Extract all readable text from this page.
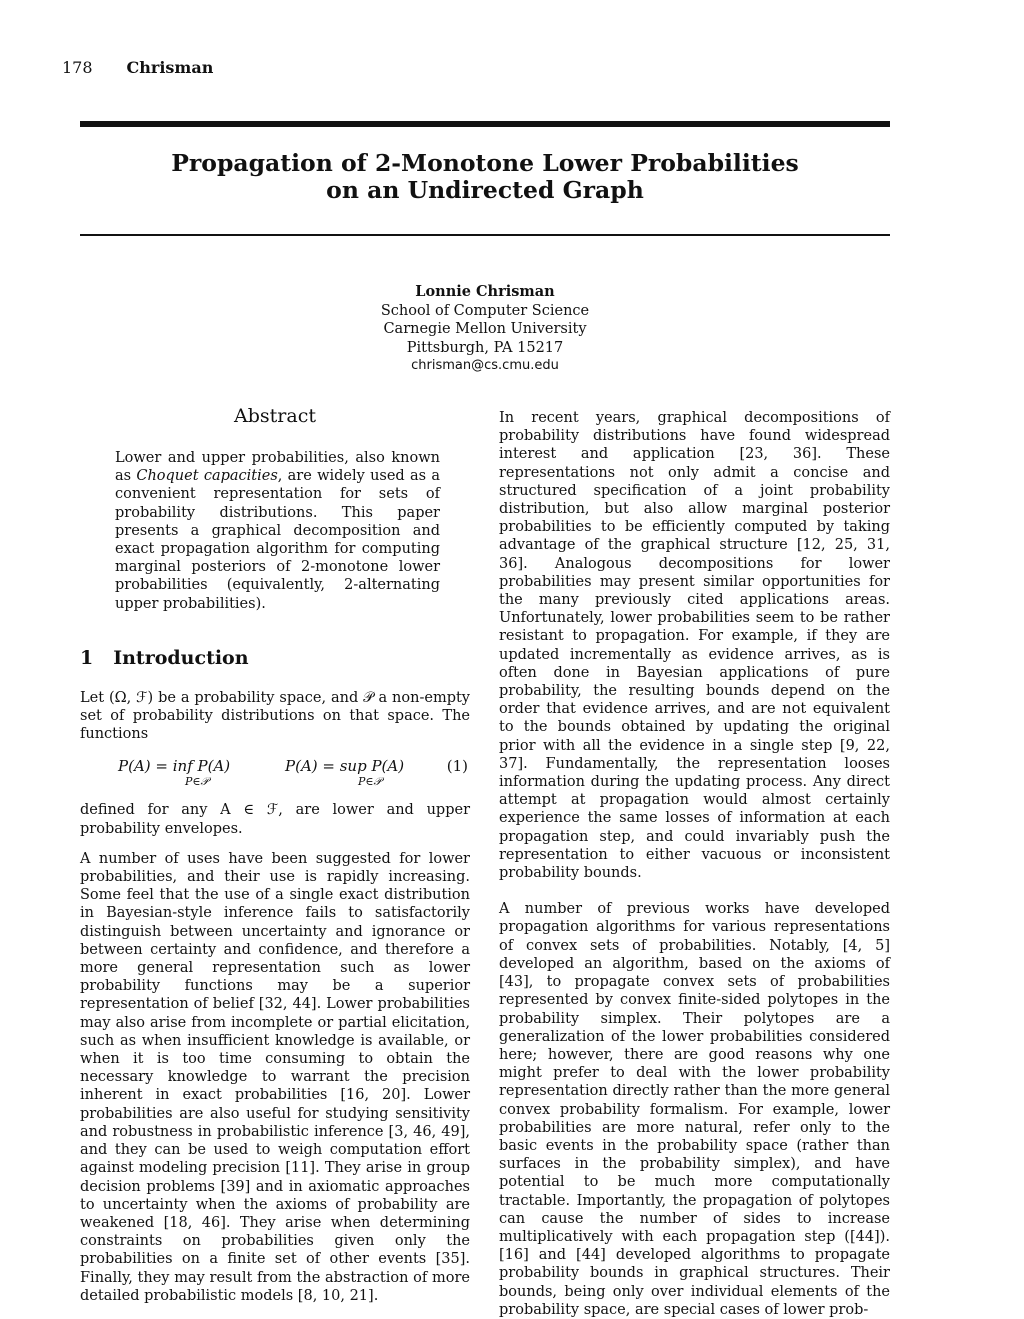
178 Chrisman
Propagation of 2-Monotone Lower Probabilities
on an Undirected Graph
Lonnie Chrisman
School of Computer Science
Carnegie Mellon University
Pittsburgh, PA 15217
chrisman@cs.cmu.edu
Abstract

Lower and upper probabilities, also known as Choquet capacities, are widely used as a convenient representation for sets of probability distributions. This paper presents a graphical decomposition and exact propagation algorithm for computing marginal posteriors of 2-monotone lower probabilities (equivalently, 2-alternating upper probabilities).

1 Introduction

Let (Ω, ℱ) be a probability space, and 𝒫 a non-empty set of probability distributions on that space. The functions

P(A) = inf P(A)
P∈𝒫
P(A) = sup P(A)
P∈𝒫
(1)

defined for any A ∈ ℱ, are lower and upper probability envelopes.

A number of uses have been suggested for lower probabilities, and their use is rapidly increasing. Some feel that the use of a single exact distribution in Bayesian-style inference fails to satisfactorily distinguish between uncertainty and ignorance or between certainty and confidence, and therefore a more general representation such as lower probability functions may be a superior representation of belief [32, 44]. Lower probabilities may also arise from incomplete or partial elicitation, such as when insufficient knowledge is available, or when it is too time consuming to obtain the necessary knowledge to warrant the precision inherent in exact probabilities [16, 20]. Lower probabilities are also useful for studying sensitivity and robustness in probabilistic inference [3, 46, 49], and they can be used to weigh computation effort against modeling precision [11]. They arise in group decision problems [39] and in axiomatic approaches to uncertainty when the axioms of probability are weakened [18, 46]. They arise when determining constraints on probabilities given only the probabilities on a finite set of other events [35]. Finally, they may result from the abstraction of more detailed probabilistic models [8, 10, 21].

In recent years, graphical decompositions of probability distributions have found widespread interest and application [23, 36]. These representations not only admit a concise and structured specification of a joint probability distribution, but also allow marginal posterior probabilities to be efficiently computed by taking advantage of the graphical structure [12, 25, 31, 36]. Analogous decompositions for lower probabilities may present similar opportunities for the many previously cited applications areas. Unfortunately, lower probabilities seem to be rather resistant to propagation. For example, if they are updated incrementally as evidence arrives, as is often done in Bayesian applications of pure probability, the resulting bounds depend on the order that evidence arrives, and are not equivalent to the bounds obtained by updating the original prior with all the evidence in a single step [9, 22, 37]. Fundamentally, the representation looses information during the updating process. Any direct attempt at propagation would almost certainly experience the same losses of information at each propagation step, and could invariably push the representation to either vacuous or inconsistent probability bounds.

A number of previous works have developed propagation algorithms for various representations of convex sets of probabilities. Notably, [4, 5] developed an algorithm, based on the axioms of [43], to propagate convex sets of probabilities represented by convex finite-sided polytopes in the probability simplex. Their polytopes are a generalization of the lower probabilities considered here; however, there are good reasons why one might prefer to deal with the lower probability representation directly rather than the more general convex probability formalism. For example, lower probabilities are more natural, refer only to the basic events in the probability space (rather than surfaces in the probability simplex), and have potential to be much more computationally tractable. Importantly, the propagation of polytopes can cause the number of sides to increase multiplicatively with each propagation step ([44]). [16] and [44] developed algorithms to propagate probability bounds in graphical structures. Their bounds, being only over individual elements of the probability space, are special cases of lower prob-
